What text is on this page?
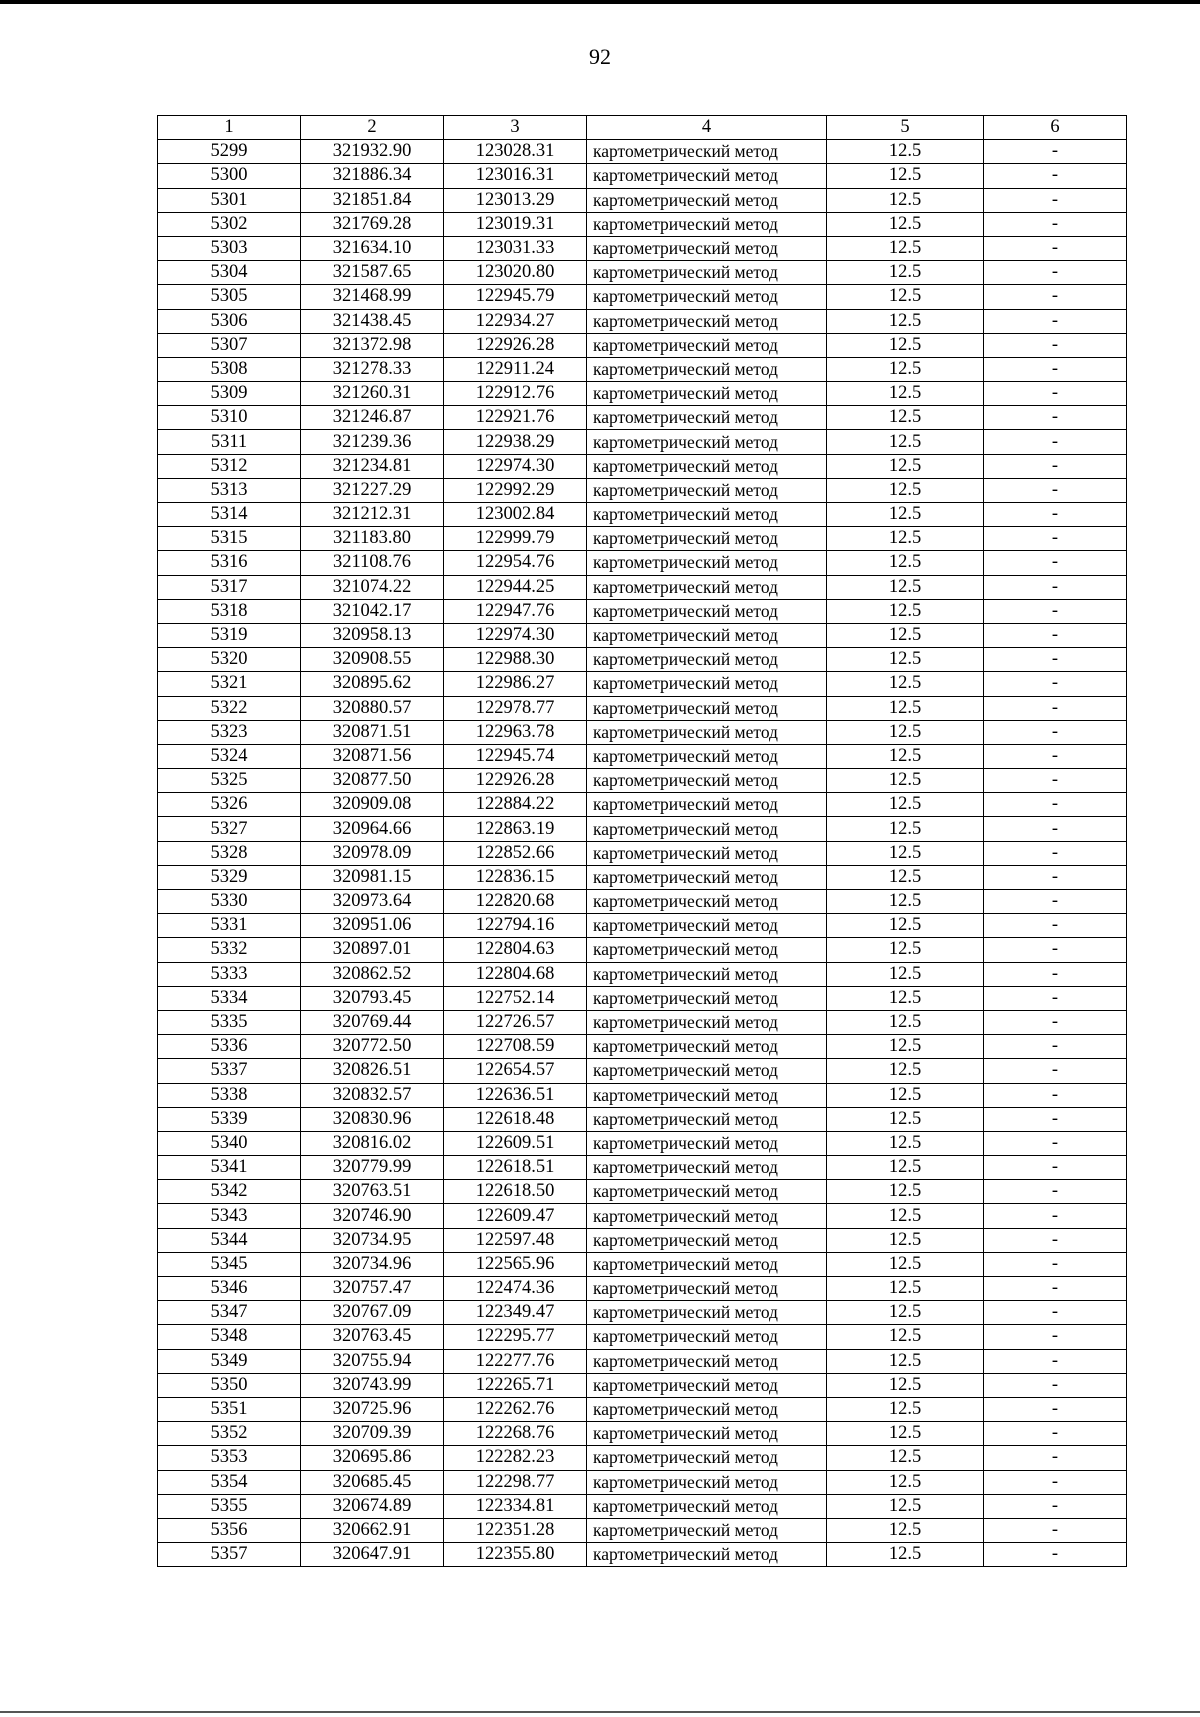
92
1	2	3	4	5	6
5299	321932.90	123028.31	картометрический метод	12.5	-
5300	321886.34	123016.31	картометрический метод	12.5	-
5301	321851.84	123013.29	картометрический метод	12.5	-
5302	321769.28	123019.31	картометрический метод	12.5	-
5303	321634.10	123031.33	картометрический метод	12.5	-
5304	321587.65	123020.80	картометрический метод	12.5	-
5305	321468.99	122945.79	картометрический метод	12.5	-
5306	321438.45	122934.27	картометрический метод	12.5	-
5307	321372.98	122926.28	картометрический метод	12.5	-
5308	321278.33	122911.24	картометрический метод	12.5	-
5309	321260.31	122912.76	картометрический метод	12.5	-
5310	321246.87	122921.76	картометрический метод	12.5	-
5311	321239.36	122938.29	картометрический метод	12.5	-
5312	321234.81	122974.30	картометрический метод	12.5	-
5313	321227.29	122992.29	картометрический метод	12.5	-
5314	321212.31	123002.84	картометрический метод	12.5	-
5315	321183.80	122999.79	картометрический метод	12.5	-
5316	321108.76	122954.76	картометрический метод	12.5	-
5317	321074.22	122944.25	картометрический метод	12.5	-
5318	321042.17	122947.76	картометрический метод	12.5	-
5319	320958.13	122974.30	картометрический метод	12.5	-
5320	320908.55	122988.30	картометрический метод	12.5	-
5321	320895.62	122986.27	картометрический метод	12.5	-
5322	320880.57	122978.77	картометрический метод	12.5	-
5323	320871.51	122963.78	картометрический метод	12.5	-
5324	320871.56	122945.74	картометрический метод	12.5	-
5325	320877.50	122926.28	картометрический метод	12.5	-
5326	320909.08	122884.22	картометрический метод	12.5	-
5327	320964.66	122863.19	картометрический метод	12.5	-
5328	320978.09	122852.66	картометрический метод	12.5	-
5329	320981.15	122836.15	картометрический метод	12.5	-
5330	320973.64	122820.68	картометрический метод	12.5	-
5331	320951.06	122794.16	картометрический метод	12.5	-
5332	320897.01	122804.63	картометрический метод	12.5	-
5333	320862.52	122804.68	картометрический метод	12.5	-
5334	320793.45	122752.14	картометрический метод	12.5	-
5335	320769.44	122726.57	картометрический метод	12.5	-
5336	320772.50	122708.59	картометрический метод	12.5	-
5337	320826.51	122654.57	картометрический метод	12.5	-
5338	320832.57	122636.51	картометрический метод	12.5	-
5339	320830.96	122618.48	картометрический метод	12.5	-
5340	320816.02	122609.51	картометрический метод	12.5	-
5341	320779.99	122618.51	картометрический метод	12.5	-
5342	320763.51	122618.50	картометрический метод	12.5	-
5343	320746.90	122609.47	картометрический метод	12.5	-
5344	320734.95	122597.48	картометрический метод	12.5	-
5345	320734.96	122565.96	картометрический метод	12.5	-
5346	320757.47	122474.36	картометрический метод	12.5	-
5347	320767.09	122349.47	картометрический метод	12.5	-
5348	320763.45	122295.77	картометрический метод	12.5	-
5349	320755.94	122277.76	картометрический метод	12.5	-
5350	320743.99	122265.71	картометрический метод	12.5	-
5351	320725.96	122262.76	картометрический метод	12.5	-
5352	320709.39	122268.76	картометрический метод	12.5	-
5353	320695.86	122282.23	картометрический метод	12.5	-
5354	320685.45	122298.77	картометрический метод	12.5	-
5355	320674.89	122334.81	картометрический метод	12.5	-
5356	320662.91	122351.28	картометрический метод	12.5	-
5357	320647.91	122355.80	картометрический метод	12.5	-
